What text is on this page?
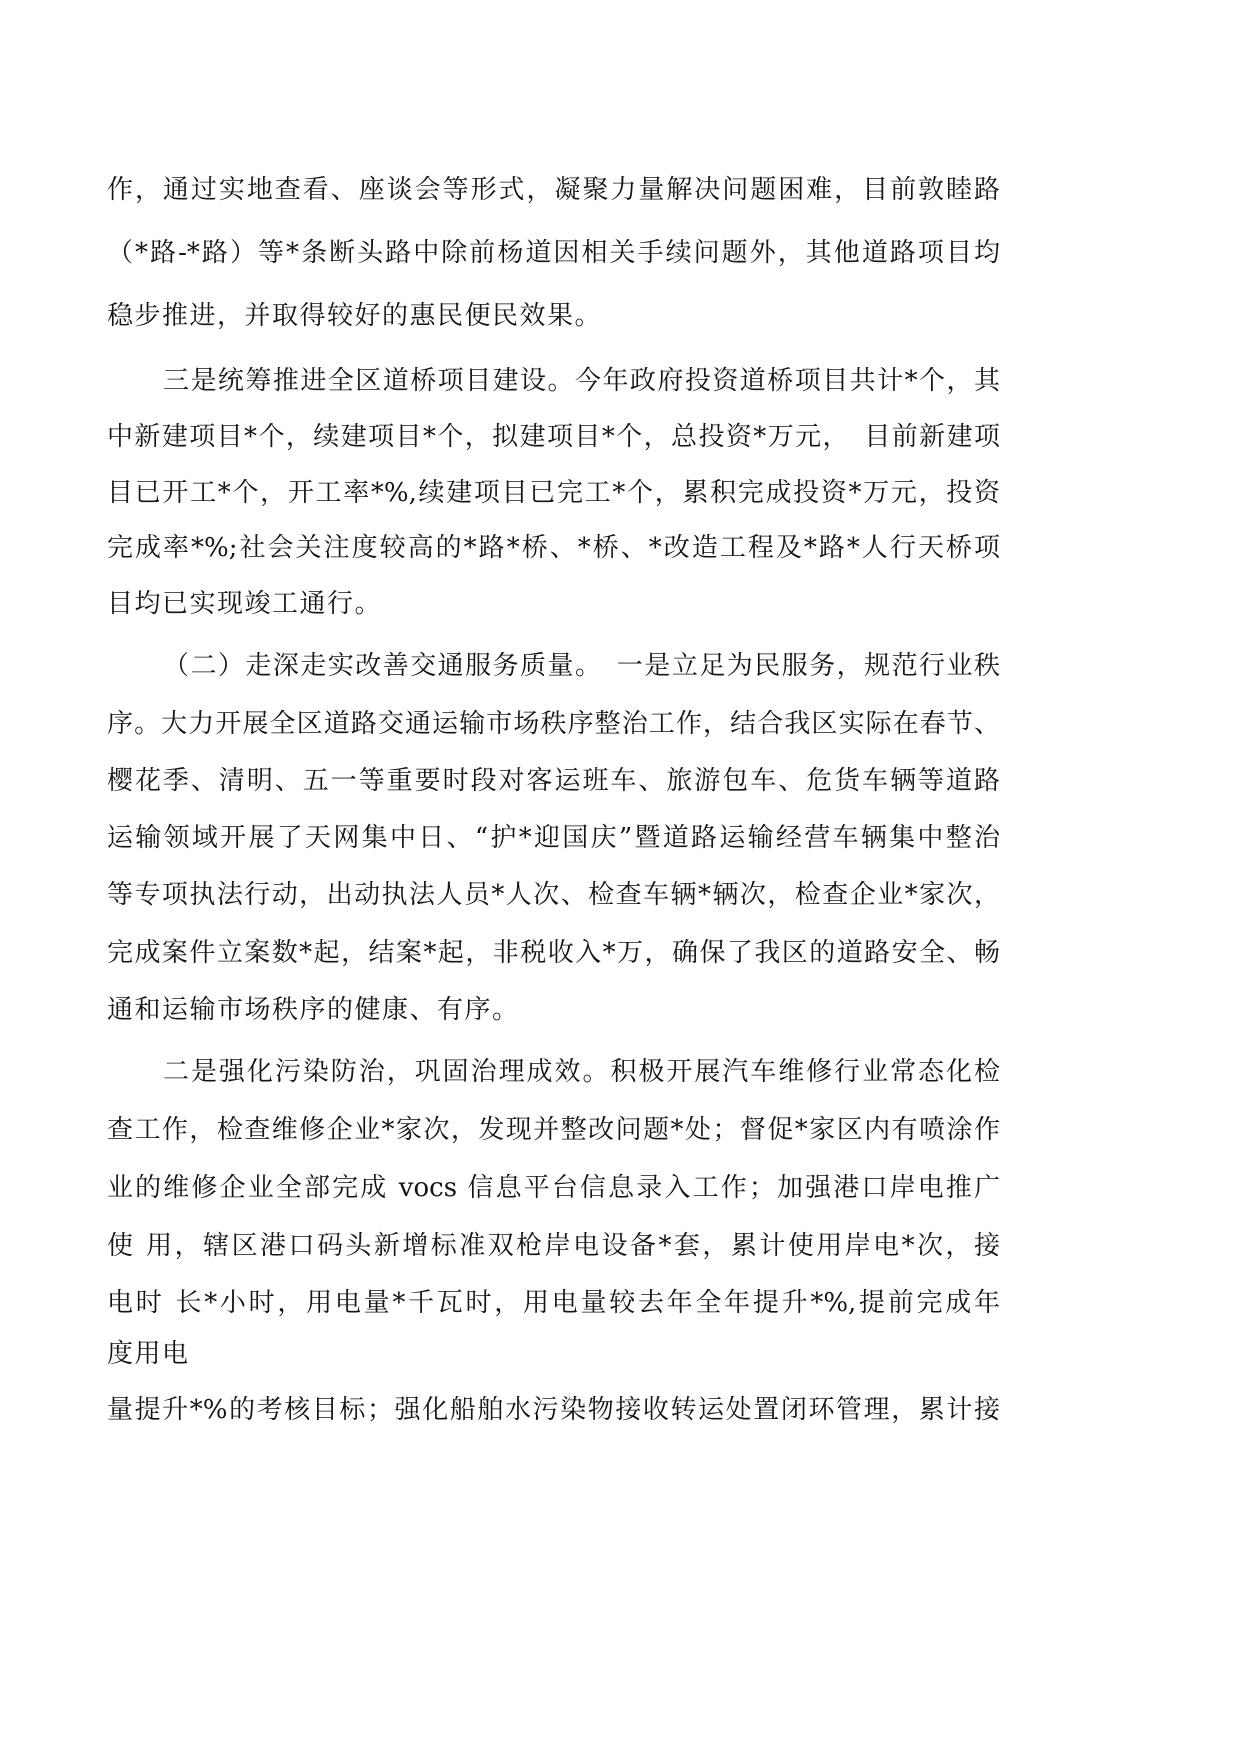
作，通过实地查看、座谈会等形式，凝聚力量解决问题困难，目前敦睦路
（*路-*路）等*条断头路中除前杨道因相关手续问题外，其他道路项目均
稳步推进，并取得较好的惠民便民效果。
三是统筹推进全区道桥项目建设。今年政府投资道桥项目共计*个，其
中新建项目*个，续建项目*个，拟建项目*个，总投资*万元，　目前新建项
目已开工*个，开工率*%,续建项目已完工*个，累积完成投资*万元，投资
完成率*%;社会关注度较高的*路*桥、*桥、*改造工程及*路*人行天桥项
目均已实现竣工通行。
（二）走深走实改善交通服务质量。　一是立足为民服务，规范行业秩
序。大力开展全区道路交通运输市场秩序整治工作，结合我区实际在春节、
樱花季、清明、五一等重要时段对客运班车、旅游包车、危货车辆等道路
运输领域开展了天网集中日、“护*迎国庆”暨道路运输经营车辆集中整治
等专项执法行动，出动执法人员*人次、检查车辆*辆次，检查企业*家次，
完成案件立案数*起，结案*起，非税收入*万，确保了我区的道路安全、畅
通和运输市场秩序的健康、有序。
二是强化污染防治，巩固治理成效。积极开展汽车维修行业常态化检
查工作，检查维修企业*家次，发现并整改问题*处；督促*家区内有喷涂作
业的维修企业全部完成 vocs 信息平台信息录入工作；加强港口岸电推广
使 用，辖区港口码头新增标准双枪岸电设备*套，累计使用岸电*次，接
电时 长*小时，用电量*千瓦时，用电量较去年全年提升*%,提前完成年
度用电
量提升*%的考核目标；强化船舶水污染物接收转运处置闭环管理，累计接
